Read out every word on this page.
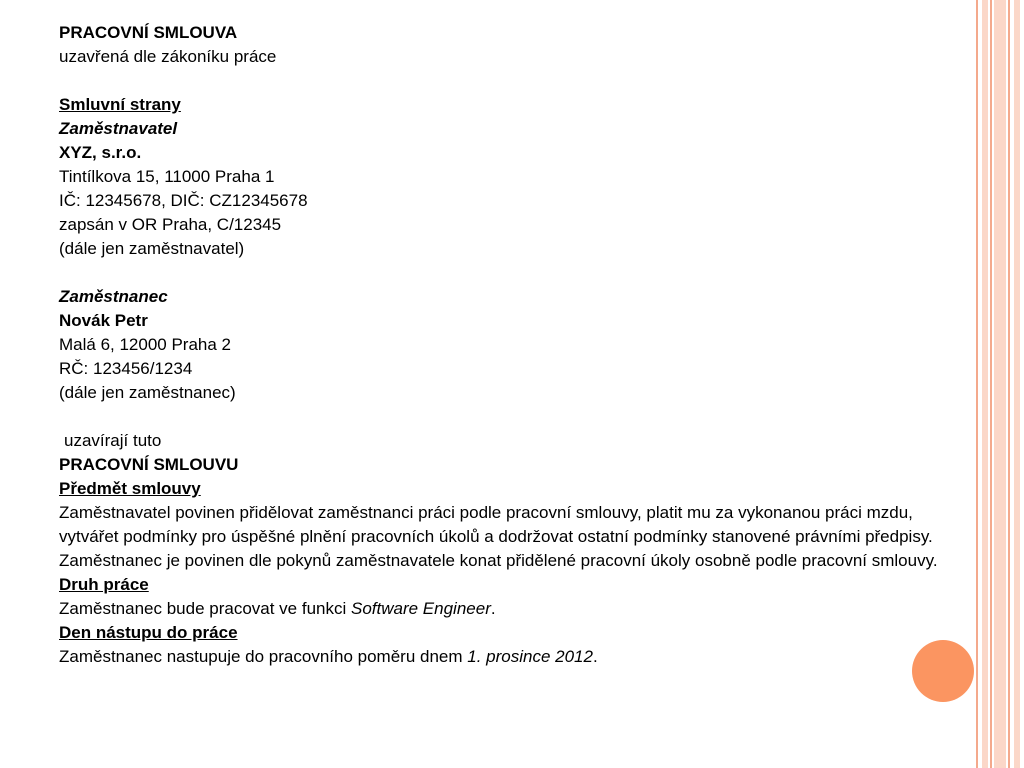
PRACOVNÍ SMLOUVA

uzavřená dle zákoníku práce

Smluvní strany

Zaměstnavatel

XYZ, s.r.o.

Tintílkova 15, 11000 Praha 1

IČ: 12345678, DIČ: CZ12345678

zapsán v OR Praha, C/12345

(dále jen zaměstnavatel)

Zaměstnanec

Novák Petr

Malá 6, 12000 Praha 2

RČ: 123456/1234

(dále jen zaměstnanec)

uzavírají tuto

PRACOVNÍ SMLOUVU

Předmět smlouvy

Zaměstnavatel povinen přidělovat zaměstnanci práci podle pracovní smlouvy, platit mu za vykonanou práci mzdu, vytvářet podmínky pro úspěšné plnění pracovních úkolů a dodržovat ostatní podmínky stanovené právními předpisy.

Zaměstnanec je povinen dle pokynů zaměstnavatele konat přidělené pracovní úkoly osobně podle pracovní smlouvy.

Druh práce

Zaměstnanec bude pracovat ve funkci Software Engineer.

Den nástupu do práce

Zaměstnanec nastupuje do pracovního poměru dnem 1. prosince 2012.
